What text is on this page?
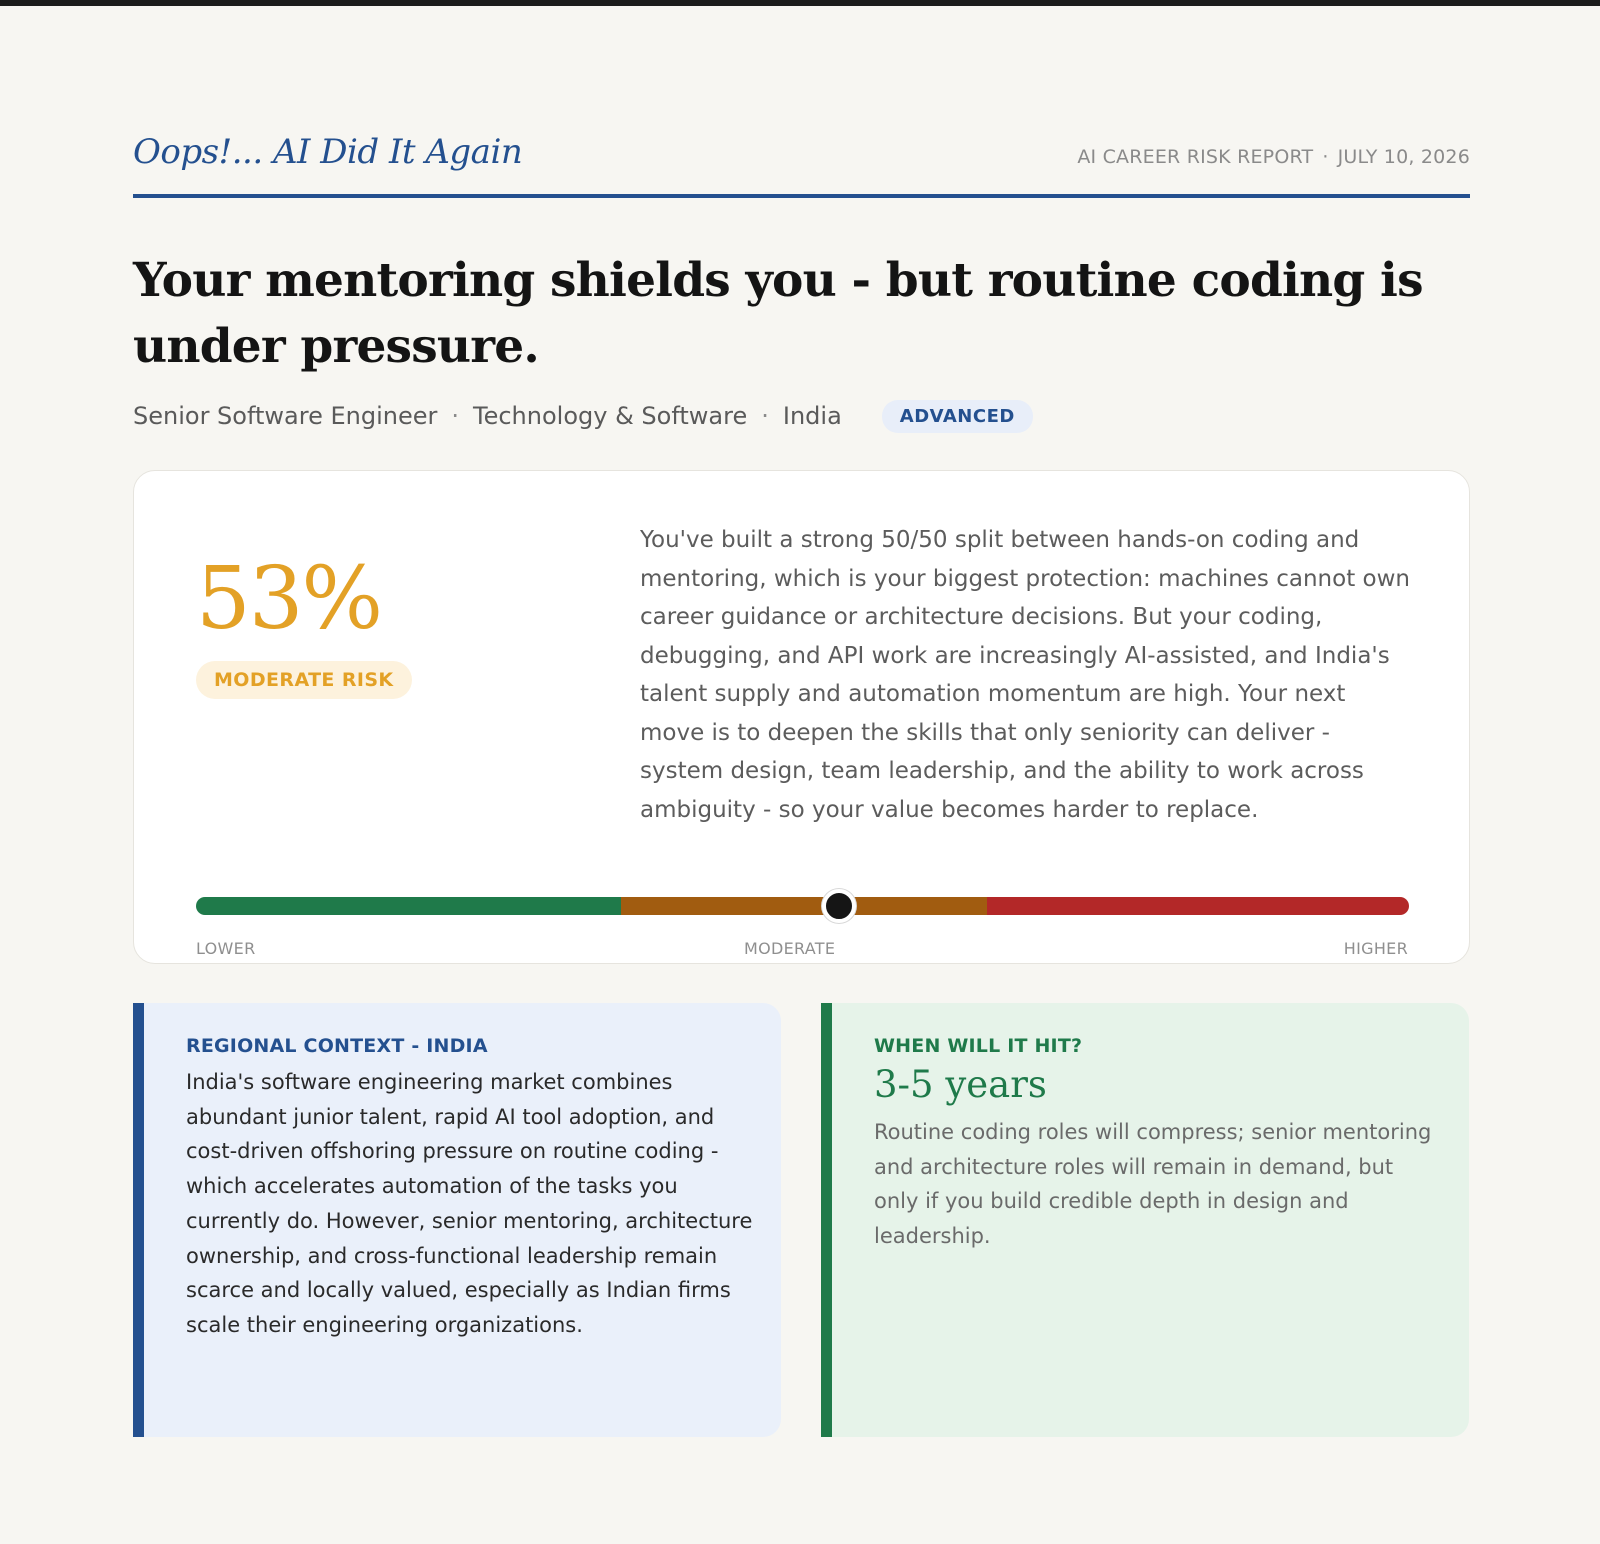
Oops!... AI Did It Again	AI CAREER RISK REPORT · JULY 10, 2026
Your mentoring shields you - but routine coding is under pressure.
Senior Software Engineer · Technology & Software · India	ADVANCED
53%
MODERATE RISK

You've built a strong 50/50 split between hands-on coding and mentoring, which is your biggest protection: machines cannot own career guidance or architecture decisions. But your coding, debugging, and API work are increasingly AI-assisted, and India's talent supply and automation momentum are high. Your next move is to deepen the skills that only seniority can deliver - system design, team leadership, and the ability to work across ambiguity - so your value becomes harder to replace.

LOWER	MODERATE	HIGHER
REGIONAL CONTEXT - INDIA

India's software engineering market combines abundant junior talent, rapid AI tool adoption, and cost-driven offshoring pressure on routine coding - which accelerates automation of the tasks you currently do. However, senior mentoring, architecture ownership, and cross-functional leadership remain scarce and locally valued, especially as Indian firms scale their engineering organizations.

WHEN WILL IT HIT?
3-5 years

Routine coding roles will compress; senior mentoring and architecture roles will remain in demand, but only if you build credible depth in design and leadership.
